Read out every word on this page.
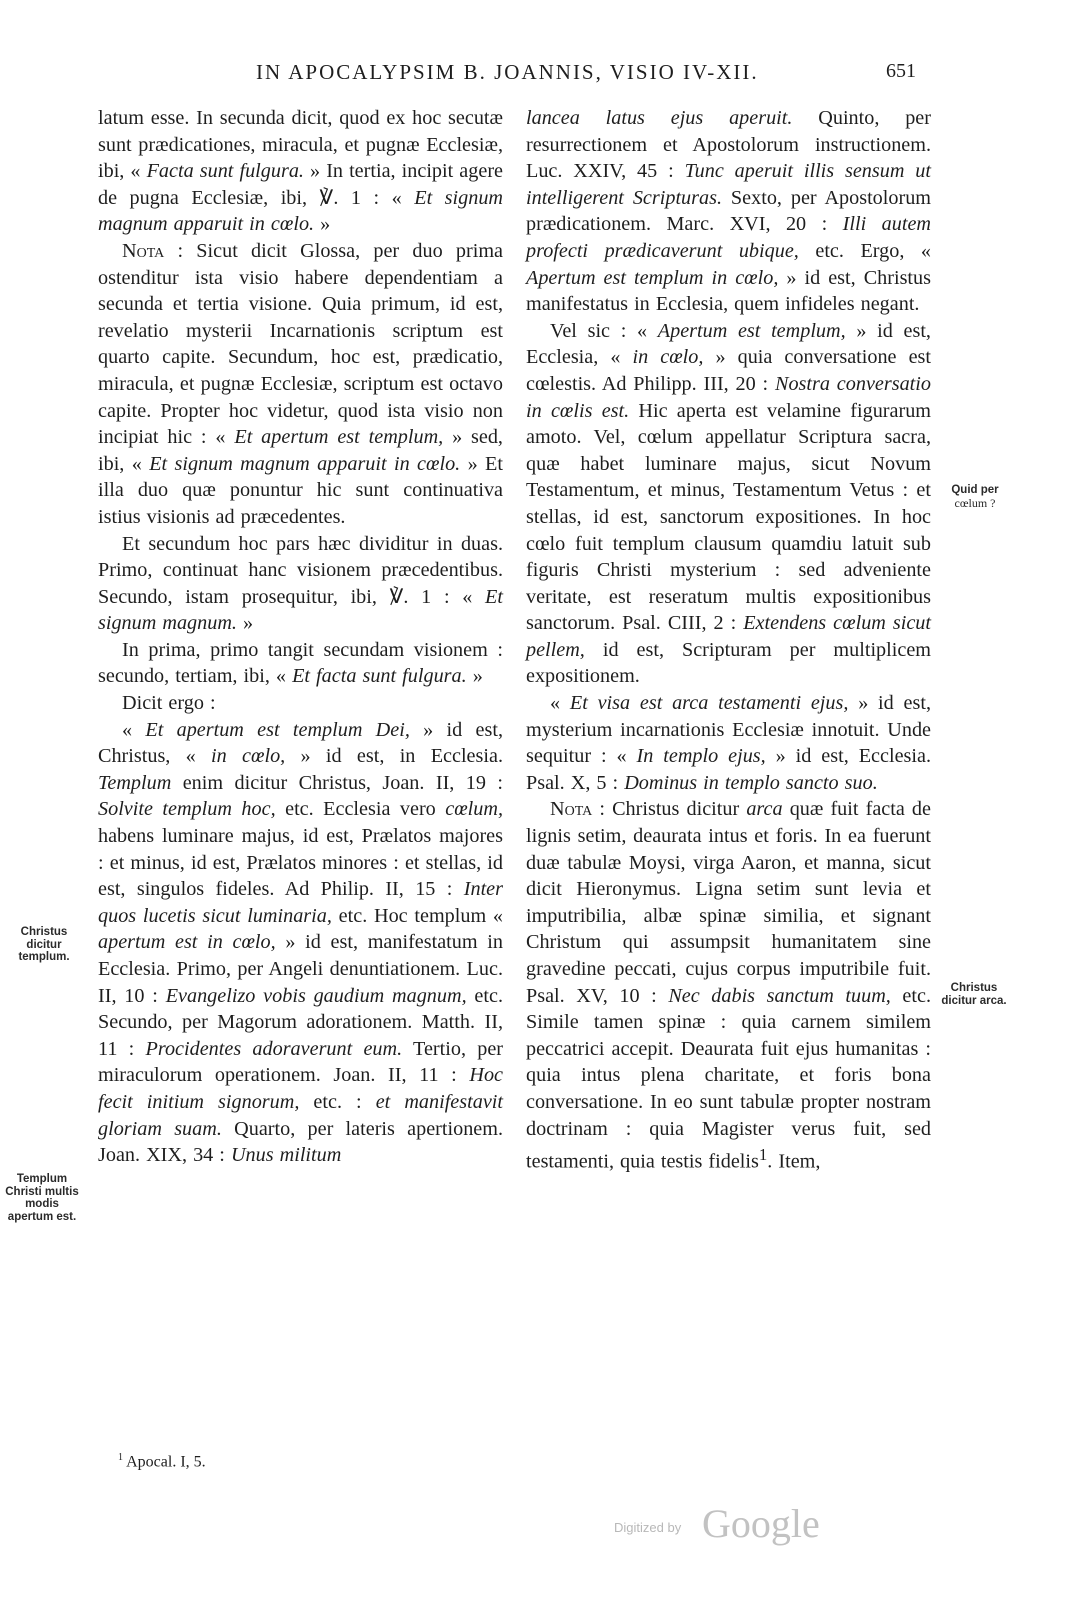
IN APOCALYPSIM B. JOANNIS, VISIO IV-XII.	651

latum esse. In secunda dicit, quod ex hoc secutæ sunt prædicationes, miracula, et pugnæ Ecclesiæ, ibi, « Facta sunt fulgura. » In tertia, incipit agere de pugna Ecclesiæ, ibi, ℣. 1 : « Et signum magnum apparuit in cœlo. »

Nota : Sicut dicit Glossa, per duo prima ostenditur ista visio habere dependentiam a secunda et tertia visione. Quia primum, id est, revelatio mysterii Incarnationis scriptum est quarto capite. Secundum, hoc est, prædicatio, miracula, et pugnæ Ecclesiæ, scriptum est octavo capite. Propter hoc videtur, quod ista visio non incipiat hic : « Et apertum est templum, » sed, ibi, « Et signum magnum apparuit in cœlo. » Et illa duo quæ ponuntur hic sunt continuativa istius visionis ad præcedentes.

Et secundum hoc pars hæc dividitur in duas. Primo, continuat hanc visionem præcedentibus. Secundo, istam prosequitur, ibi, ℣. 1 : « Et signum magnum. »

In prima, primo tangit secundam visionem : secundo, tertiam, ibi, « Et facta sunt fulgura. »

Dicit ergo :

« Et apertum est templum Dei, » id est, Christus, « in cœlo, » id est, in Ecclesia. Templum enim dicitur Christus, Joan. II, 19 : Solvite templum hoc, etc. Ecclesia vero cœlum, habens luminare majus, id est, Prælatos majores : et minus, id est, Prælatos minores : et stellas, id est, singulos fideles. Ad Philip. II, 15 : Inter quos lucetis sicut luminaria, etc. Hoc templum « apertum est in cœlo, » id est, manifestatum in Ecclesia. Primo, per Angeli denuntiationem. Luc. II, 10 : Evangelizo vobis gaudium magnum, etc. Secundo, per Magorum adorationem. Matth. II, 11 : Procidentes adoraverunt eum. Tertio, per miraculorum operationem. Joan. II, 11 : Hoc fecit initium signorum, etc. : et manifestavit gloriam suam. Quarto, per lateris apertionem. Joan. XIX, 34 : Unus militum

lancea latus ejus aperuit. Quinto, per resurrectionem et Apostolorum instructionem. Luc. XXIV, 45 : Tunc aperuit illis sensum ut intelligerent Scripturas. Sexto, per Apostolorum prædicationem. Marc. XVI, 20 : Illi autem profecti prædicaverunt ubique, etc. Ergo, « Apertum est templum in cœlo, » id est, Christus manifestatus in Ecclesia, quem infideles negant.

Vel sic : « Apertum est templum, » id est, Ecclesia, « in cœlo, » quia conversatione est cœlestis. Ad Philipp. III, 20 : Nostra conversatio in cœlis est. Hic aperta est velamine figurarum amoto. Vel, cœlum appellatur Scriptura sacra, quæ habet luminare majus, sicut Novum Testamentum, et minus, Testamentum Vetus : et stellas, id est, sanctorum expositiones. In hoc cœlo fuit templum clausum quamdiu latuit sub figuris Christi mysterium : sed adveniente veritate, est reseratum multis expositionibus sanctorum. Psal. CIII, 2 : Extendens cœlum sicut pellem, id est, Scripturam per multiplicem expositionem.

« Et visa est arca testamenti ejus, » id est, mysterium incarnationis Ecclesiæ innotuit. Unde sequitur : « In templo ejus, » id est, Ecclesia. Psal. X, 5 : Dominus in templo sancto suo.

Nota : Christus dicitur arca quæ fuit facta de lignis setim, deaurata intus et foris. In ea fuerunt duæ tabulæ Moysi, virga Aaron, et manna, sicut dicit Hieronymus. Ligna setim sunt levia et imputribilia, albæ spinæ similia, et signant Christum qui assumpsit humanitatem sine gravedine peccati, cujus corpus imputribile fuit. Psal. XV, 10 : Nec dabis sanctum tuum, etc. Simile tamen spinæ : quia carnem similem peccatrici accepit. Deaurata fuit ejus humanitas : quia intus plena charitate, et foris bona conversatione. In eo sunt tabulæ propter nostram doctrinam : quia Magister verus fuit, sed testamenti, quia testis fidelis$^1$. Item,

Christus dicitur templum.
Templum Christi multis modis apertum est.
Quid per
cœlum ?
Christus dicitur arca.
$^1$ Apocal. I, 5.
Digitized by Google
